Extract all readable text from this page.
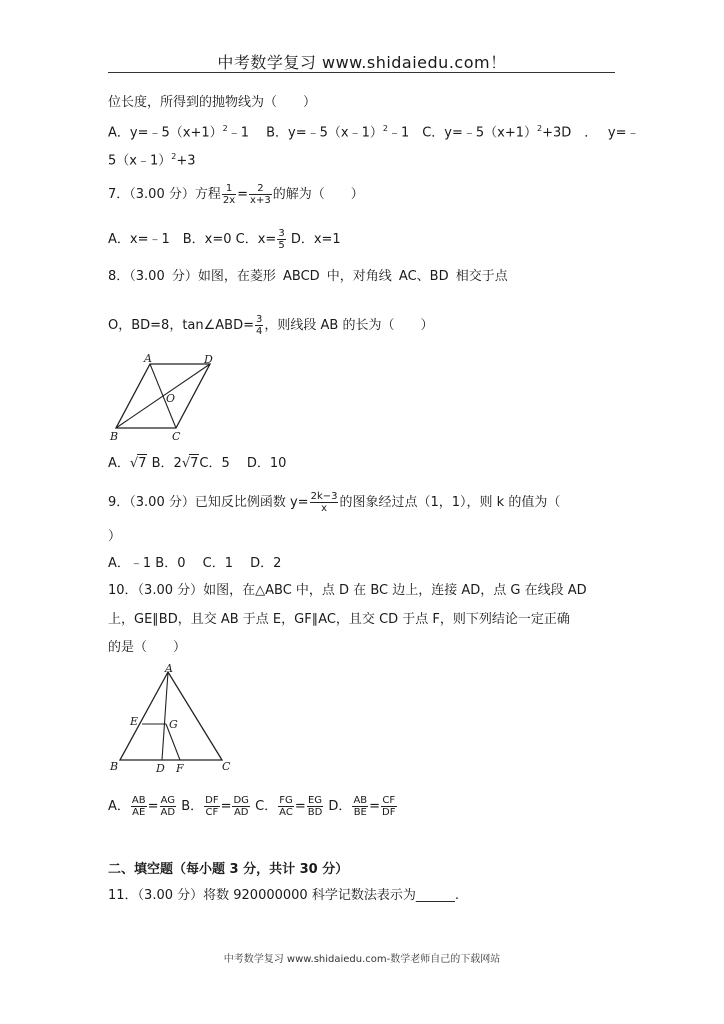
中考数学复习 www.shidaiedu.com！
位长度，所得到的抛物线为（　　）
A．$y=﹣5(x+1)^2﹣1$　 B．y=﹣5（x﹣1）$^2$﹣1　C．$y=﹣5(x+1)^2+3D$　．　 y=﹣
5（x﹣1）$^2$+3
7．（3.00 分）方程 $\frac{1}{2x} = \frac{2}{x+3}$ 的解为（　　）
A．x=﹣1　B．x=0 C．$x= \frac{3}{5}$ D．x=1
8．（3.00 分）如图，在菱形 ABCD 中，对角线 AC、BD 相交于点
O，BD=8，tan∠ABD= $\frac{3}{4}$ ，则线段 AB 的长为（　　）
A	D
O
B	C
A．√7 B．2√7C．5　 D．10
9．（3.00 分）已知反比例函数 $y= \frac{2k-3}{x}$ 的图象经过点（1，1），则 k 的值为（
）
A．﹣1 B．0　 C．1　 D．2
10．（3.00 分）如图，在△ABC 中，点 D 在 BC 边上，连接 AD，点 G 在线段 AD
上，GE∥BD，且交 AB 于点 E，GF∥AC，且交 CD 于点 F，则下列结论一定正确
的是（　　）
A
E	G
B	D F	C
A． $\frac{AB}{AE} = \frac{AG}{AD}$ B． $\frac{DF}{CF} = \frac{DG}{AD}$ C． $\frac{FG}{AC} = \frac{EG}{BD}$ D． $\frac{AB}{BE} = \frac{CF}{DF}$
二、填空题（每小题 3 分，共计 30 分）
11．（3.00 分）将数 920000000 科学记数法表示为______.
中考数学复习 www.shidaiedu.com-数学老师自己的下载网站
